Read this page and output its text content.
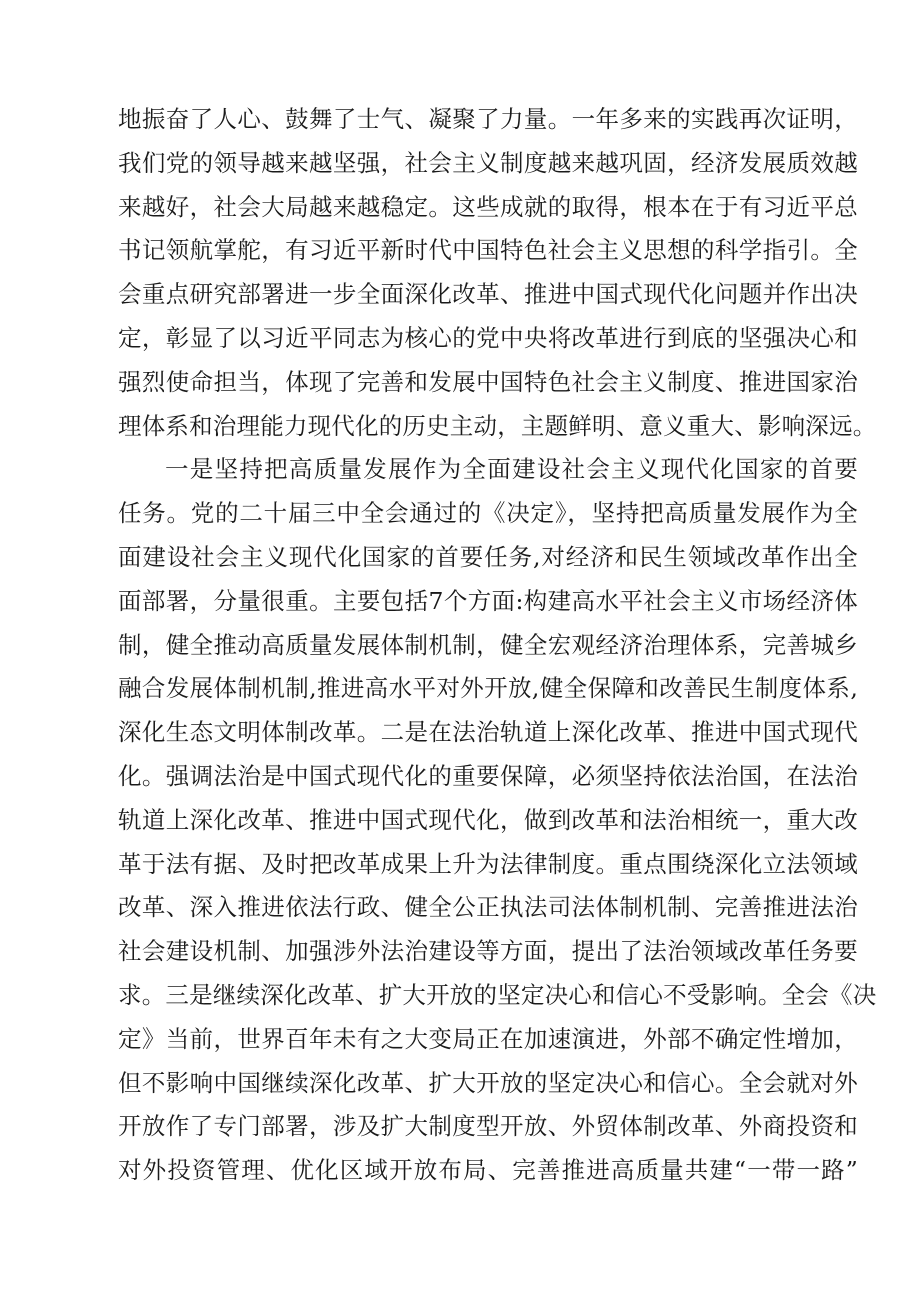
地振奋了人心、鼓舞了士气、凝聚了力量。一年多来的实践再次证明，
我们党的领导越来越坚强，社会主义制度越来越巩固，经济发展质效越
来越好，社会大局越来越稳定。这些成就的取得，根本在于有习近平总
书记领航掌舵，有习近平新时代中国特色社会主义思想的科学指引。全
会重点研究部署进一步全面深化改革、推进中国式现代化问题并作出决
定，彰显了以习近平同志为核心的党中央将改革进行到底的坚强决心和
强烈使命担当，体现了完善和发展中国特色社会主义制度、推进国家治
理体系和治理能力现代化的历史主动，主题鲜明、意义重大、影响深远。
一是坚持把高质量发展作为全面建设社会主义现代化国家的首要
任务。党的二十届三中全会通过的《决定》，坚持把高质量发展作为全
面建设社会主义现代化国家的首要任务,对经济和民生领域改革作出全
面部署，分量很重。主要包括7个方面:构建高水平社会主义市场经济体
制，健全推动高质量发展体制机制，健全宏观经济治理体系，完善城乡
融合发展体制机制,推进高水平对外开放,健全保障和改善民生制度体系,
深化生态文明体制改革。二是在法治轨道上深化改革、推进中国式现代
化。强调法治是中国式现代化的重要保障，必须坚持依法治国，在法治
轨道上深化改革、推进中国式现代化，做到改革和法治相统一，重大改
革于法有据、及时把改革成果上升为法律制度。重点围绕深化立法领域
改革、深入推进依法行政、健全公正执法司法体制机制、完善推进法治
社会建设机制、加强涉外法治建设等方面，提出了法治领域改革任务要
求。三是继续深化改革、扩大开放的坚定决心和信心不受影响。全会《决
定》当前，世界百年未有之大变局正在加速演进，外部不确定性增加，
但不影响中国继续深化改革、扩大开放的坚定决心和信心。全会就对外
开放作了专门部署，涉及扩大制度型开放、外贸体制改革、外商投资和
对外投资管理、优化区域开放布局、完善推进高质量共建“一带一路”
